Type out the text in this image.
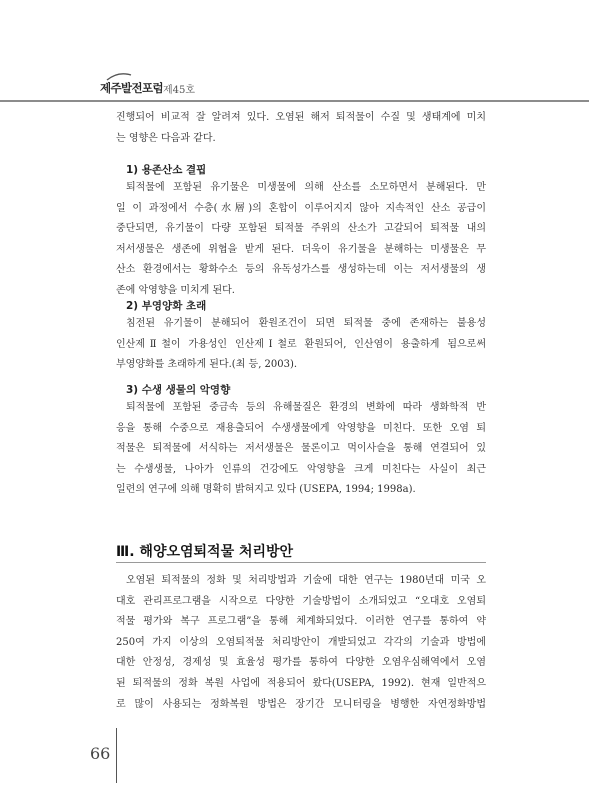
제주발전포럼 제45호
진행되어 비교적 잘 알려져 있다. 오염된 해저 퇴적물이 수질 및 생태계에 미치
는 영향은 다음과 같다.
1) 용존산소 결핍
퇴적물에 포함된 유기물은 미생물에 의해 산소를 소모하면서 분해된다. 만
일 이 과정에서 수층(水層)의 혼합이 이루어지지 않아 지속적인 산소 공급이
중단되면, 유기물이 다량 포함된 퇴적물 주위의 산소가 고갈되어 퇴적물 내의
저서생물은 생존에 위협을 받게 된다. 더욱이 유기물을 분해하는 미생물은 무
산소 환경에서는 황화수소 등의 유독성가스를 생성하는데 이는 저서생물의 생
존에 악영향을 미치게 된다.
2) 부영양화 초래
침전된 유기물이 분해되어 환원조건이 되면 퇴적물 중에 존재하는 불용성
인산제Ⅱ철이 가용성인 인산제Ⅰ철로 환원되어, 인산염이 용출하게 됨으로써
부영양화를 초래하게 된다.(최 등, 2003).
3) 수생 생물의 악영향
퇴적물에 포함된 중금속 등의 유해물질은 환경의 변화에 따라 생화학적 반
응을 통해 수중으로 재용출되어 수생생물에게 악영향을 미친다. 또한 오염 퇴
적물은 퇴적물에 서식하는 저서생물은 물론이고 먹이사슬을 통해 연결되어 있
는 수생생물, 나아가 인류의 건강에도 악영향을 크게 미친다는 사실이 최근
일련의 연구에 의해 명확히 밝혀지고 있다 (USEPA, 1994; 1998a).
Ⅲ. 해양오염퇴적물 처리방안
오염된 퇴적물의 정화 및 처리방법과 기술에 대한 연구는 1980년대 미국 오
대호 관리프로그램을 시작으로 다양한 기술방법이 소개되었고 “오대호 오염퇴
적물 평가와 복구 프로그램”을 통해 체계화되었다. 이러한 연구를 통하여 약
250여 가지 이상의 오염퇴적물 처리방안이 개발되었고 각각의 기술과 방법에
대한 안정성, 경제성 및 효율성 평가를 통하여 다양한 오염우심해역에서 오염
된 퇴적물의 정화 복원 사업에 적용되어 왔다(USEPA, 1992). 현재 일반적으
로 많이 사용되는 정화복원 방법은 장기간 모니터링을 병행한 자연정화방법
66
